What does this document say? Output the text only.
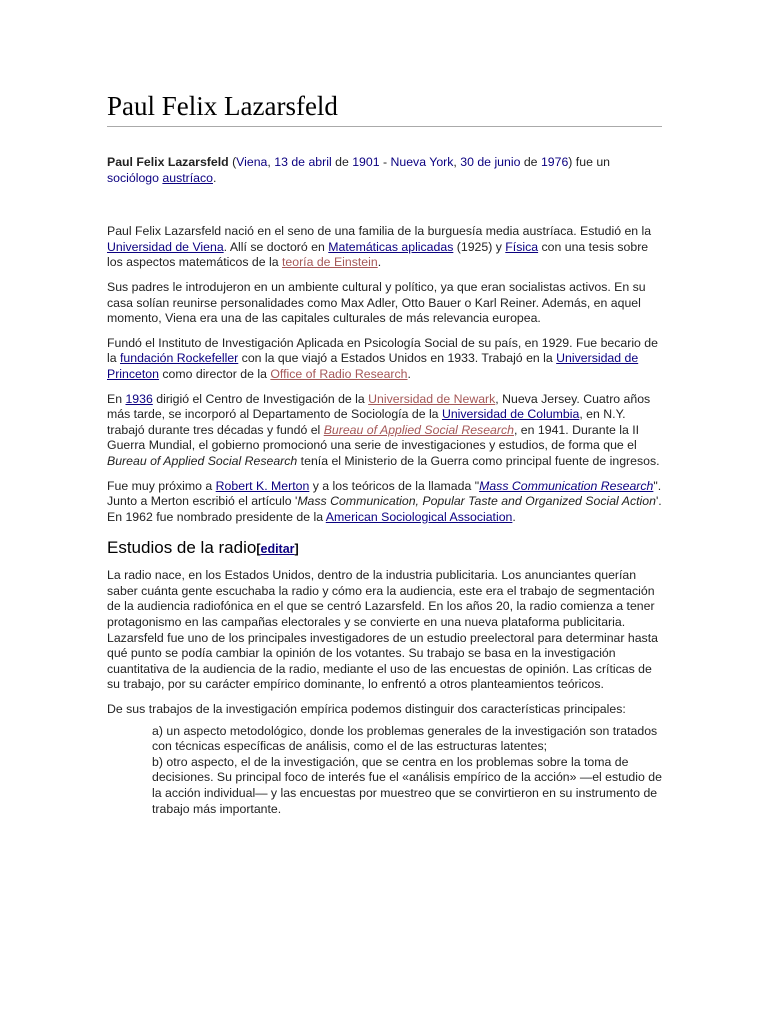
Paul Felix Lazarsfeld

Paul Felix Lazarsfeld (Viena, 13 de abril de 1901 - Nueva York, 30 de junio de 1976) fue un sociólogo austríaco.

Paul Felix Lazarsfeld nació en el seno de una familia de la burguesía media austríaca. Estudió en la Universidad de Viena. Allí se doctoró en Matemáticas aplicadas (1925) y Física con una tesis sobre los aspectos matemáticos de la teoría de Einstein.

Sus padres le introdujeron en un ambiente cultural y político, ya que eran socialistas activos. En su casa solían reunirse personalidades como Max Adler, Otto Bauer o Karl Reiner. Además, en aquel momento, Viena era una de las capitales culturales de más relevancia europea.

Fundó el Instituto de Investigación Aplicada en Psicología Social de su país, en 1929. Fue becario de la fundación Rockefeller con la que viajó a Estados Unidos en 1933. Trabajó en la Universidad de Princeton como director de la Office of Radio Research.

En 1936 dirigió el Centro de Investigación de la Universidad de Newark, Nueva Jersey. Cuatro años más tarde, se incorporó al Departamento de Sociología de la Universidad de Columbia, en N.Y. trabajó durante tres décadas y fundó el Bureau of Applied Social Research, en 1941. Durante la II Guerra Mundial, el gobierno promocionó una serie de investigaciones y estudios, de forma que el Bureau of Applied Social Research tenía el Ministerio de la Guerra como principal fuente de ingresos.

Fue muy próximo a Robert K. Merton y a los teóricos de la llamada "Mass Communication Research". Junto a Merton escribió el artículo 'Mass Communication, Popular Taste and Organized Social Action'. En 1962 fue nombrado presidente de la American Sociological Association.

Estudios de la radio[editar]

La radio nace, en los Estados Unidos, dentro de la industria publicitaria. Los anunciantes querían saber cuánta gente escuchaba la radio y cómo era la audiencia, este era el trabajo de segmentación de la audiencia radiofónica en el que se centró Lazarsfeld. En los años 20, la radio comienza a tener protagonismo en las campañas electorales y se convierte en una nueva plataforma publicitaria. Lazarsfeld fue uno de los principales investigadores de un estudio preelectoral para determinar hasta qué punto se podía cambiar la opinión de los votantes. Su trabajo se basa en la investigación cuantitativa de la audiencia de la radio, mediante el uso de las encuestas de opinión. Las críticas de su trabajo, por su carácter empírico dominante, lo enfrentó a otros planteamientos teóricos.

De sus trabajos de la investigación empírica podemos distinguir dos características principales:

a) un aspecto metodológico, donde los problemas generales de la investigación son tratados con técnicas específicas de análisis, como el de las estructuras latentes;

b) otro aspecto, el de la investigación, que se centra en los problemas sobre la toma de decisiones. Su principal foco de interés fue el «análisis empírico de la acción» —el estudio de la acción individual— y las encuestas por muestreo que se convirtieron en su instrumento de trabajo más importante.
